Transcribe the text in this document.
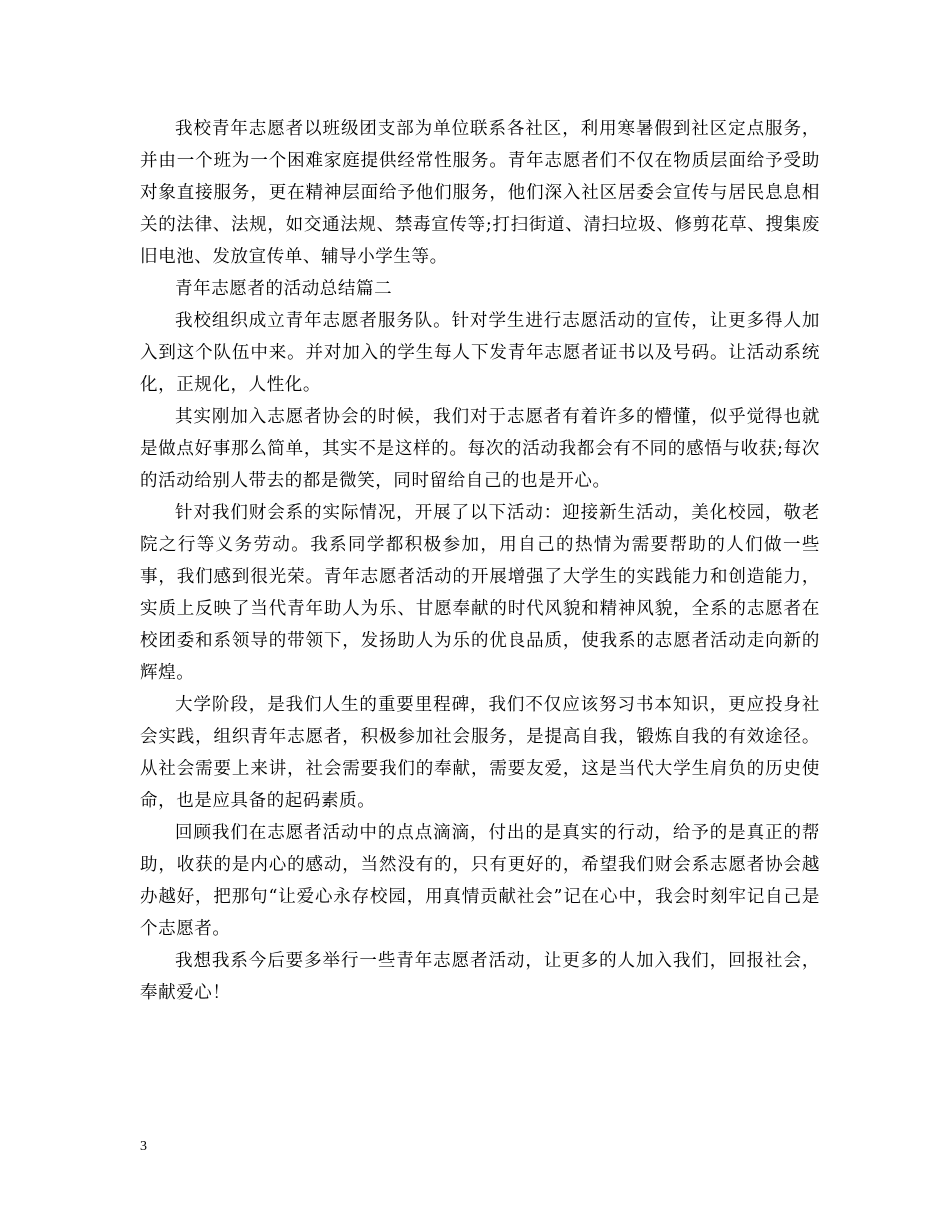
我校青年志愿者以班级团支部为单位联系各社区，利用寒暑假到社区定点服务，并由一个班为一个困难家庭提供经常性服务。青年志愿者们不仅在物质层面给予受助对象直接服务，更在精神层面给予他们服务，他们深入社区居委会宣传与居民息息相关的法律、法规，如交通法规、禁毒宣传等;打扫街道、清扫垃圾、修剪花草、搜集废旧电池、发放宣传单、辅导小学生等。

青年志愿者的活动总结篇二

我校组织成立青年志愿者服务队。针对学生进行志愿活动的宣传，让更多得人加入到这个队伍中来。并对加入的学生每人下发青年志愿者证书以及号码。让活动系统化，正规化，人性化。

其实刚加入志愿者协会的时候，我们对于志愿者有着许多的懵懂，似乎觉得也就是做点好事那么简单，其实不是这样的。每次的活动我都会有不同的感悟与收获;每次的活动给别人带去的都是微笑，同时留给自己的也是开心。

针对我们财会系的实际情况，开展了以下活动：迎接新生活动，美化校园，敬老院之行等义务劳动。我系同学都积极参加，用自己的热情为需要帮助的人们做一些事，我们感到很光荣。青年志愿者活动的开展增强了大学生的实践能力和创造能力，实质上反映了当代青年助人为乐、甘愿奉献的时代风貌和精神风貌，全系的志愿者在校团委和系领导的带领下，发扬助人为乐的优良品质，使我系的志愿者活动走向新的辉煌。

大学阶段，是我们人生的重要里程碑，我们不仅应该努习书本知识，更应投身社会实践，组织青年志愿者，积极参加社会服务，是提高自我，锻炼自我的有效途径。从社会需要上来讲，社会需要我们的奉献，需要友爱，这是当代大学生肩负的历史使命，也是应具备的起码素质。

回顾我们在志愿者活动中的点点滴滴，付出的是真实的行动，给予的是真正的帮助，收获的是内心的感动，当然没有的，只有更好的，希望我们财会系志愿者协会越办越好，把那句“让爱心永存校园，用真情贡献社会”记在心中，我会时刻牢记自己是个志愿者。

我想我系今后要多举行一些青年志愿者活动，让更多的人加入我们，回报社会，奉献爱心！

3
